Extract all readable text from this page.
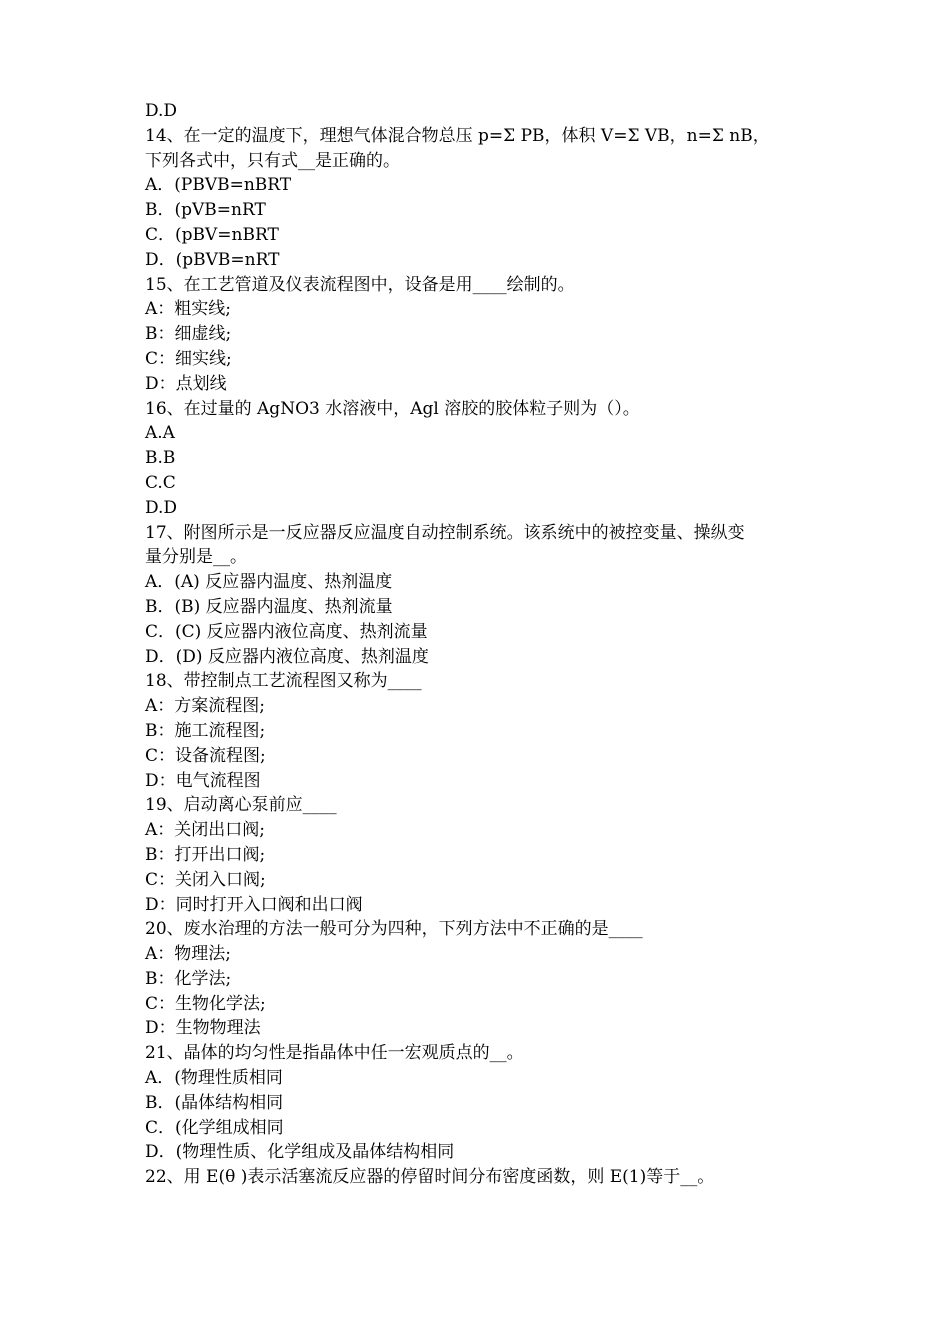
D.D
14、在一定的温度下，理想气体混合物总压 p=Σ PB，体积 V=Σ VB，n=Σ nB，
下列各式中，只有式__是正确的。
A．(PBVB=nBRT
B．(pVB=nRT
C．(pBV=nBRT
D．(pBVB=nRT
15、在工艺管道及仪表流程图中，设备是用____绘制的。
A：粗实线;
B：细虚线;
C：细实线;
D：点划线
16、在过量的 AgNO3 水溶液中，Agl 溶胶的胶体粒子则为（）。
A.A
B.B
C.C
D.D
17、附图所示是一反应器反应温度自动控制系统。该系统中的被控变量、操纵变
量分别是__。
A．(A) 反应器内温度、热剂温度
B．(B) 反应器内温度、热剂流量
C．(C) 反应器内液位高度、热剂流量
D．(D) 反应器内液位高度、热剂温度
18、带控制点工艺流程图又称为____
A：方案流程图;
B：施工流程图;
C：设备流程图;
D：电气流程图
19、启动离心泵前应____
A：关闭出口阀;
B：打开出口阀;
C：关闭入口阀;
D：同时打开入口阀和出口阀
20、废水治理的方法一般可分为四种，下列方法中不正确的是____
A：物理法;
B：化学法;
C：生物化学法;
D：生物物理法
21、晶体的均匀性是指晶体中任一宏观质点的__。
A．(物理性质相同
B．(晶体结构相同
C．(化学组成相同
D．(物理性质、化学组成及晶体结构相同
22、用 E(θ )表示活塞流反应器的停留时间分布密度函数，则 E(1)等于__。
